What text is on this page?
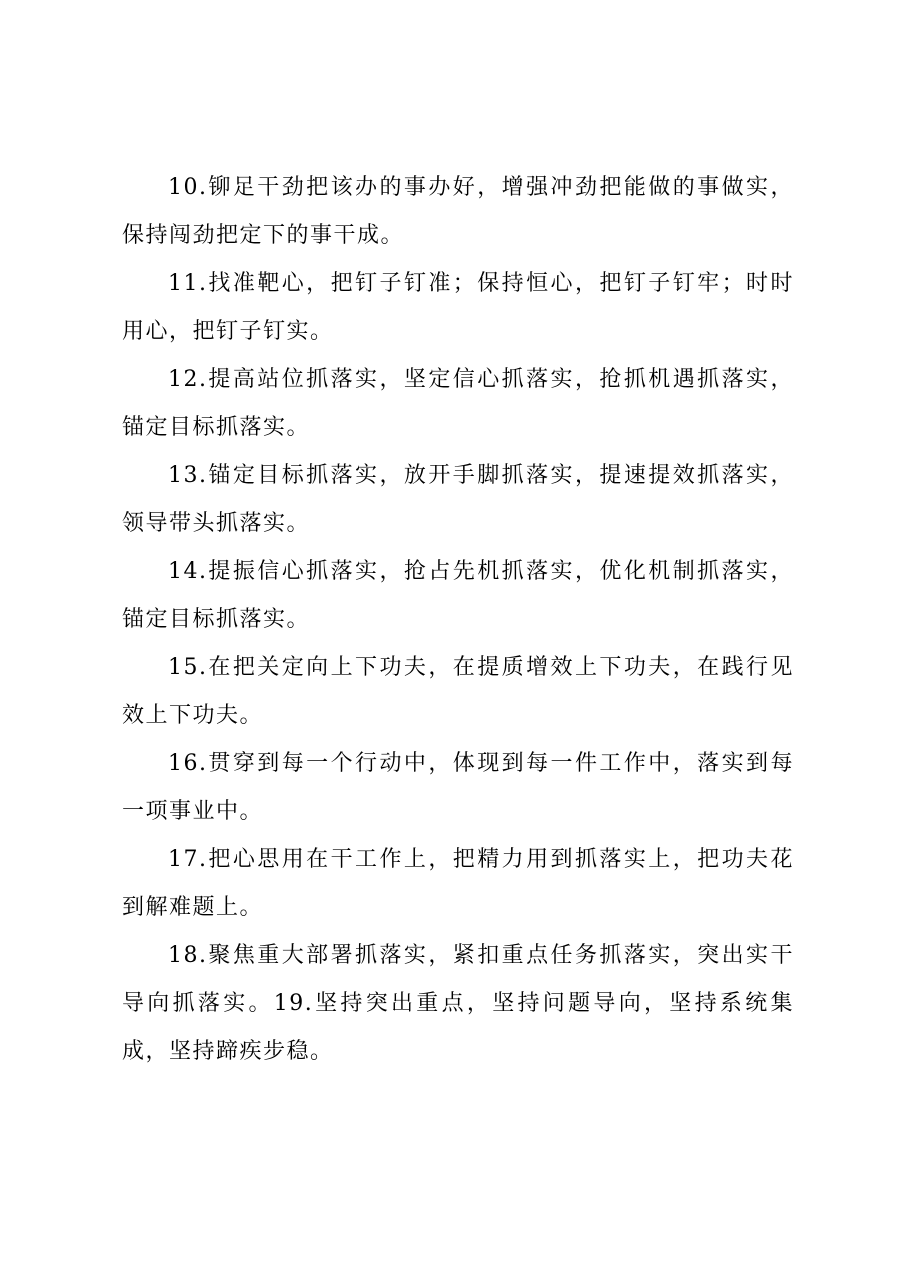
10.铆足干劲把该办的事办好，增强冲劲把能做的事做实，保持闯劲把定下的事干成。

11.找准靶心，把钉子钉准；保持恒心，把钉子钉牢；时时用心，把钉子钉实。

12.提高站位抓落实，坚定信心抓落实，抢抓机遇抓落实，锚定目标抓落实。

13.锚定目标抓落实，放开手脚抓落实，提速提效抓落实，领导带头抓落实。

14.提振信心抓落实，抢占先机抓落实，优化机制抓落实，锚定目标抓落实。

15.在把关定向上下功夫，在提质增效上下功夫，在践行见效上下功夫。

16.贯穿到每一个行动中，体现到每一件工作中，落实到每一项事业中。

17.把心思用在干工作上，把精力用到抓落实上，把功夫花到解难题上。

18.聚焦重大部署抓落实，紧扣重点任务抓落实，突出实干导向抓落实。19.坚持突出重点，坚持问题导向，坚持系统集成，坚持蹄疾步稳。
